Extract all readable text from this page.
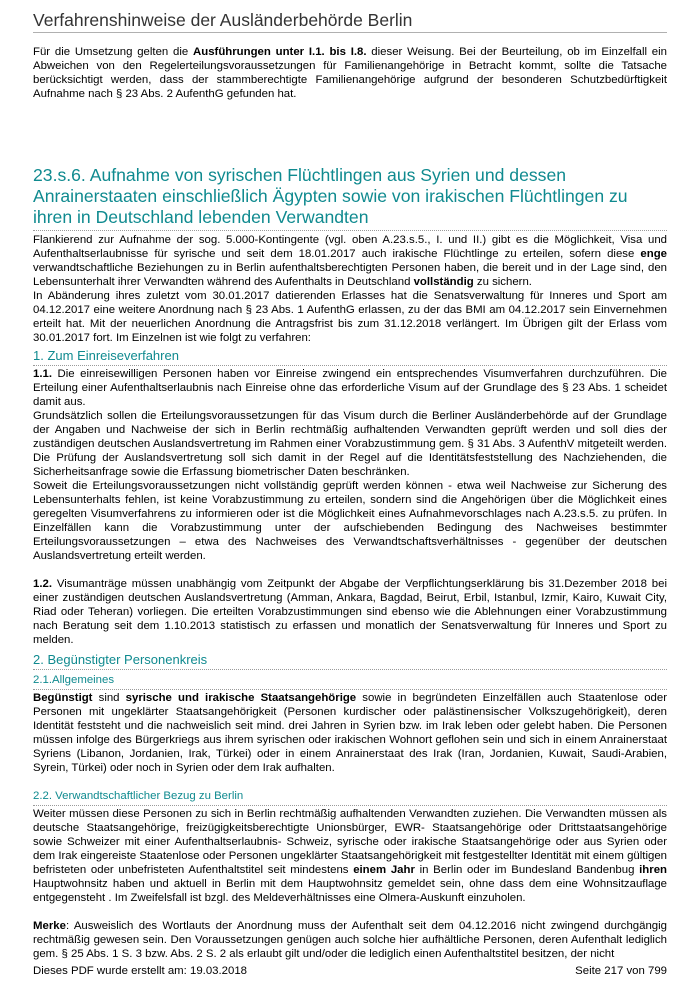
Verfahrenshinweise der Ausländerbehörde Berlin

Für die Umsetzung gelten die Ausführungen unter I.1. bis I.8. dieser Weisung. Bei der Beurteilung, ob im Einzelfall ein Abweichen von den Regelerteilungsvoraussetzungen für Familienangehörige in Betracht kommt, sollte die Tatsache berücksichtigt werden, dass der stammberechtigte Familienangehörige aufgrund der besonderen Schutzbedürftigkeit Aufnahme nach § 23 Abs. 2 AufenthG gefunden hat.

23.s.6. Aufnahme von syrischen Flüchtlingen aus Syrien und dessen Anrainerstaaten einschließlich Ägypten sowie von irakischen Flüchtlingen zu ihren in Deutschland lebenden Verwandten

Flankierend zur Aufnahme der sog. 5.000-Kontingente (vgl. oben A.23.s.5., I. und II.) gibt es die Möglichkeit, Visa und Aufenthaltserlaubnisse für syrische und seit dem 18.01.2017 auch irakische Flüchtlinge zu erteilen, sofern diese enge verwandtschaftliche Beziehungen zu in Berlin aufenthaltsberechtigten Personen haben, die bereit und in der Lage sind, den Lebensunterhalt ihrer Verwandten während des Aufenthalts in Deutschland vollständig zu sichern.

In Abänderung ihres zuletzt vom 30.01.2017 datierenden Erlasses hat die Senatsverwaltung für Inneres und Sport am 04.12.2017 eine weitere Anordnung nach § 23 Abs. 1 AufenthG erlassen, zu der das BMI am 04.12.2017 sein Einvernehmen erteilt hat. Mit der neuerlichen Anordnung die Antragsfrist bis zum 31.12.2018 verlängert. Im Übrigen gilt der Erlass vom 30.01.2017 fort. Im Einzelnen ist wie folgt zu verfahren:

1. Zum Einreiseverfahren

1.1. Die einreisewilligen Personen haben vor Einreise zwingend ein entsprechendes Visumverfahren durchzuführen. Die Erteilung einer Aufenthaltserlaubnis nach Einreise ohne das erforderliche Visum auf der Grundlage des § 23 Abs. 1 scheidet damit aus.

Grundsätzlich sollen die Erteilungsvoraussetzungen für das Visum durch die Berliner Ausländerbehörde auf der Grundlage der Angaben und Nachweise der sich in Berlin rechtmäßig aufhaltenden Verwandten geprüft werden und soll dies der zuständigen deutschen Auslandsvertretung im Rahmen einer Vorabzustimmung gem. § 31 Abs. 3 AufenthV mitgeteilt werden. Die Prüfung der Auslandsvertretung soll sich damit in der Regel auf die Identitätsfeststellung des Nachziehenden, die Sicherheitsanfrage sowie die Erfassung biometrischer Daten beschränken.

Soweit die Erteilungsvoraussetzungen nicht vollständig geprüft werden können - etwa weil Nachweise zur Sicherung des Lebensunterhalts fehlen, ist keine Vorabzustimmung zu erteilen, sondern sind die Angehörigen über die Möglichkeit eines geregelten Visumverfahrens zu informieren oder ist die Möglichkeit eines Aufnahmevorschlages nach A.23.s.5. zu prüfen. In Einzelfällen kann die Vorabzustimmung unter der aufschiebenden Bedingung des Nachweises bestimmter Erteilungsvoraussetzungen – etwa des Nachweises des Verwandtschaftsverhältnisses - gegenüber der deutschen Auslandsvertretung erteilt werden.

1.2. Visumanträge müssen unabhängig vom Zeitpunkt der Abgabe der Verpflichtungserklärung bis 31.Dezember 2018 bei einer zuständigen deutschen Auslandsvertretung (Amman, Ankara, Bagdad, Beirut, Erbil, Istanbul, Izmir, Kairo, Kuwait City, Riad oder Teheran) vorliegen. Die erteilten Vorabzustimmungen sind ebenso wie die Ablehnungen einer Vorabzustimmung nach Beratung seit dem 1.10.2013 statistisch zu erfassen und monatlich der Senatsverwaltung für Inneres und Sport zu melden.

2. Begünstigter Personenkreis
2.1.Allgemeines

Begünstigt sind syrische und irakische Staatsangehörige sowie in begründeten Einzelfällen auch Staatenlose oder Personen mit ungeklärter Staatsangehörigkeit (Personen kurdischer oder palästinensischer Volkszugehörigkeit), deren Identität feststeht und die nachweislich seit mind. drei Jahren in Syrien bzw. im Irak leben oder gelebt haben. Die Personen müssen infolge des Bürgerkriegs aus ihrem syrischen oder irakischen Wohnort geflohen sein und sich in einem Anrainerstaat Syriens (Libanon, Jordanien, Irak, Türkei) oder in einem Anrainerstaat des Irak (Iran, Jordanien, Kuwait, Saudi-Arabien, Syrein, Türkei) oder noch in Syrien oder dem Irak aufhalten.

2.2. Verwandtschaftlicher Bezug zu Berlin

Weiter müssen diese Personen zu sich in Berlin rechtmäßig aufhaltenden Verwandten zuziehen. Die Verwandten müssen als deutsche Staatsangehörige, freizügigkeitsberechtigte Unionsbürger, EWR- Staatsangehörige oder Drittstaatsangehörige sowie Schweizer mit einer Aufenthaltserlaubnis- Schweiz, syrische oder irakische Staatsangehörige oder aus Syrien oder dem Irak eingereiste Staatenlose oder Personen ungeklärter Staatsangehörigkeit mit festgestellter Identität mit einem gültigen befristeten oder unbefristeten Aufenthaltstitel seit mindestens einem Jahr in Berlin oder im Bundesland Bandenbug ihren Hauptwohnsitz haben und aktuell in Berlin mit dem Hauptwohnsitz gemeldet sein, ohne dass dem eine Wohnsitzauflage entgegensteht . Im Zweifelsfall ist bzgl. des Meldeverhältnisses eine Olmera-Auskunft einzuholen.

Merke: Ausweislich des Wortlauts der Anordnung muss der Aufenthalt seit dem 04.12.2016 nicht zwingend durchgängig rechtmäßig gewesen sein. Den Voraussetzungen genügen auch solche hier aufhältliche Personen, deren Aufenthalt lediglich gem. § 25 Abs. 1 S. 3 bzw. Abs. 2 S. 2 als erlaubt gilt und/oder die lediglich einen Aufenthaltstitel besitzen, der nicht

Dieses PDF wurde erstellt am: 19.03.2018	Seite 217 von 799
